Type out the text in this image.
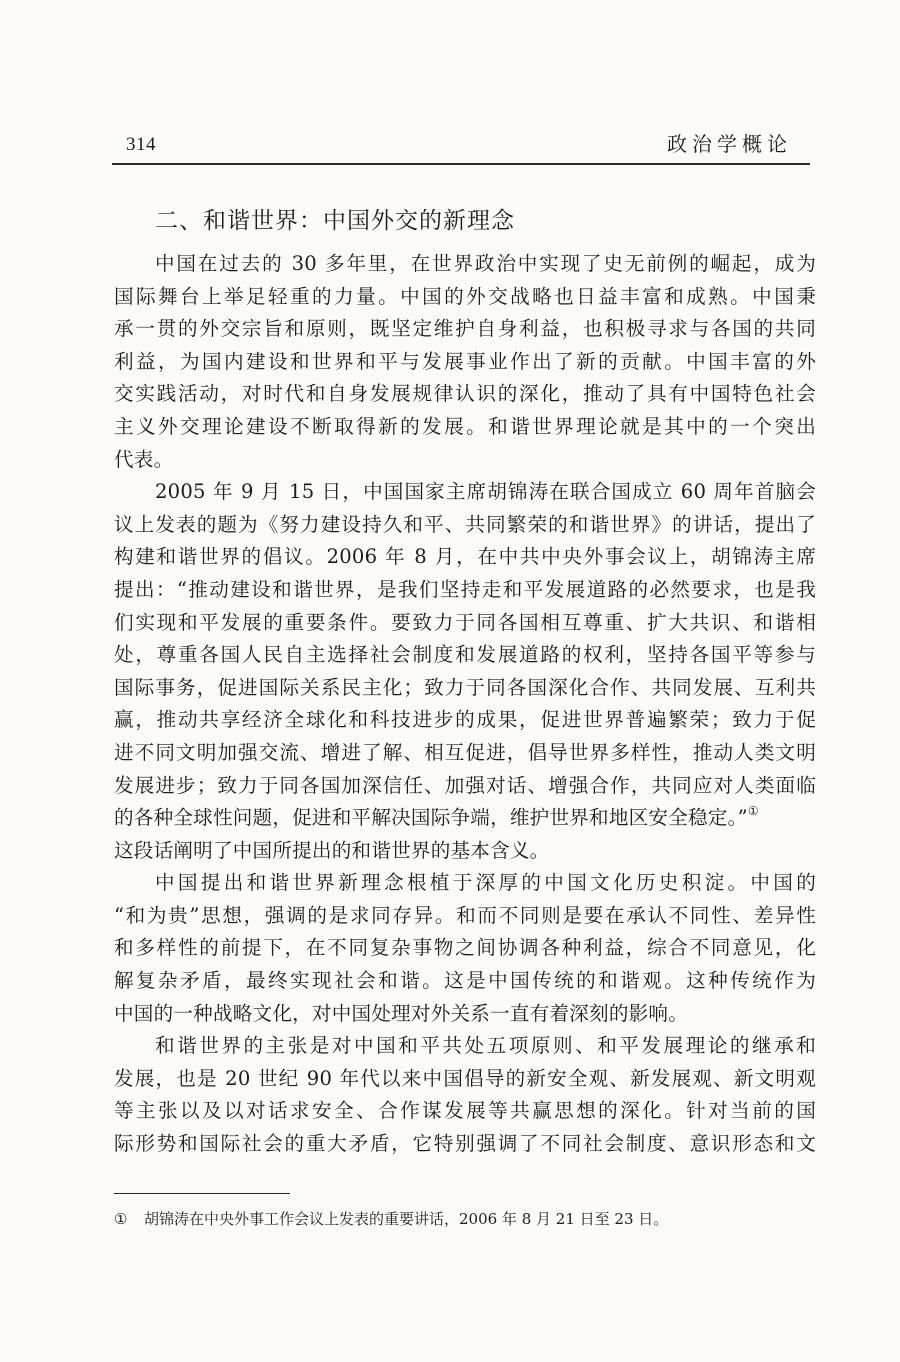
314	政治学概论
二、和谐世界：中国外交的新理念
中国在过去的 30 多年里，在世界政治中实现了史无前例的崛起，成为
国际舞台上举足轻重的力量。中国的外交战略也日益丰富和成熟。中国秉
承一贯的外交宗旨和原则，既坚定维护自身利益，也积极寻求与各国的共同
利益，为国内建设和世界和平与发展事业作出了新的贡献。中国丰富的外
交实践活动，对时代和自身发展规律认识的深化，推动了具有中国特色社会
主义外交理论建设不断取得新的发展。和谐世界理论就是其中的一个突出
代表。
2005 年 9 月 15 日，中国国家主席胡锦涛在联合国成立 60 周年首脑会
议上发表的题为《努力建设持久和平、共同繁荣的和谐世界》的讲话，提出了
构建和谐世界的倡议。2006 年 8 月，在中共中央外事会议上，胡锦涛主席
提出：“推动建设和谐世界，是我们坚持走和平发展道路的必然要求，也是我
们实现和平发展的重要条件。要致力于同各国相互尊重、扩大共识、和谐相
处，尊重各国人民自主选择社会制度和发展道路的权利，坚持各国平等参与
国际事务，促进国际关系民主化；致力于同各国深化合作、共同发展、互利共
赢，推动共享经济全球化和科技进步的成果，促进世界普遍繁荣；致力于促
进不同文明加强交流、增进了解、相互促进，倡导世界多样性，推动人类文明
发展进步；致力于同各国加深信任、加强对话、增强合作，共同应对人类面临
的各种全球性问题，促进和平解决国际争端，维护世界和地区安全稳定。”①
这段话阐明了中国所提出的和谐世界的基本含义。
中国提出和谐世界新理念根植于深厚的中国文化历史积淀。中国的
“和为贵”思想，强调的是求同存异。和而不同则是要在承认不同性、差异性
和多样性的前提下，在不同复杂事物之间协调各种利益，综合不同意见，化
解复杂矛盾，最终实现社会和谐。这是中国传统的和谐观。这种传统作为
中国的一种战略文化，对中国处理对外关系一直有着深刻的影响。
和谐世界的主张是对中国和平共处五项原则、和平发展理论的继承和
发展，也是 20 世纪 90 年代以来中国倡导的新安全观、新发展观、新文明观
等主张以及以对话求安全、合作谋发展等共赢思想的深化。针对当前的国
际形势和国际社会的重大矛盾，它特别强调了不同社会制度、意识形态和文
① 胡锦涛在中央外事工作会议上发表的重要讲话，2006 年 8 月 21 日至 23 日。
